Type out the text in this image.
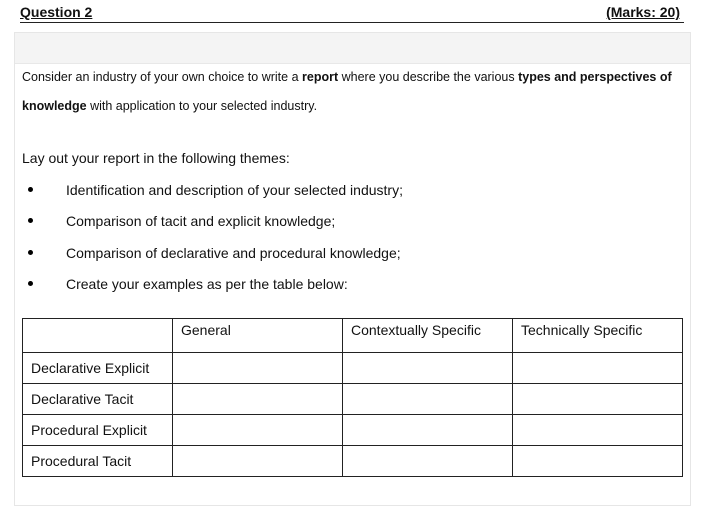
Question 2	(Marks: 20)
Consider an industry of your own choice to write a report where you describe the various types and perspectives of knowledge with application to your selected industry.
Lay out your report in the following themes:
Identification and description of your selected industry;
Comparison of tacit and explicit knowledge;
Comparison of declarative and procedural knowledge;
Create your examples as per the table below:
	General	Contextually Specific	Technically Specific
Declarative Explicit			
Declarative Tacit			
Procedural Explicit			
Procedural Tacit			
